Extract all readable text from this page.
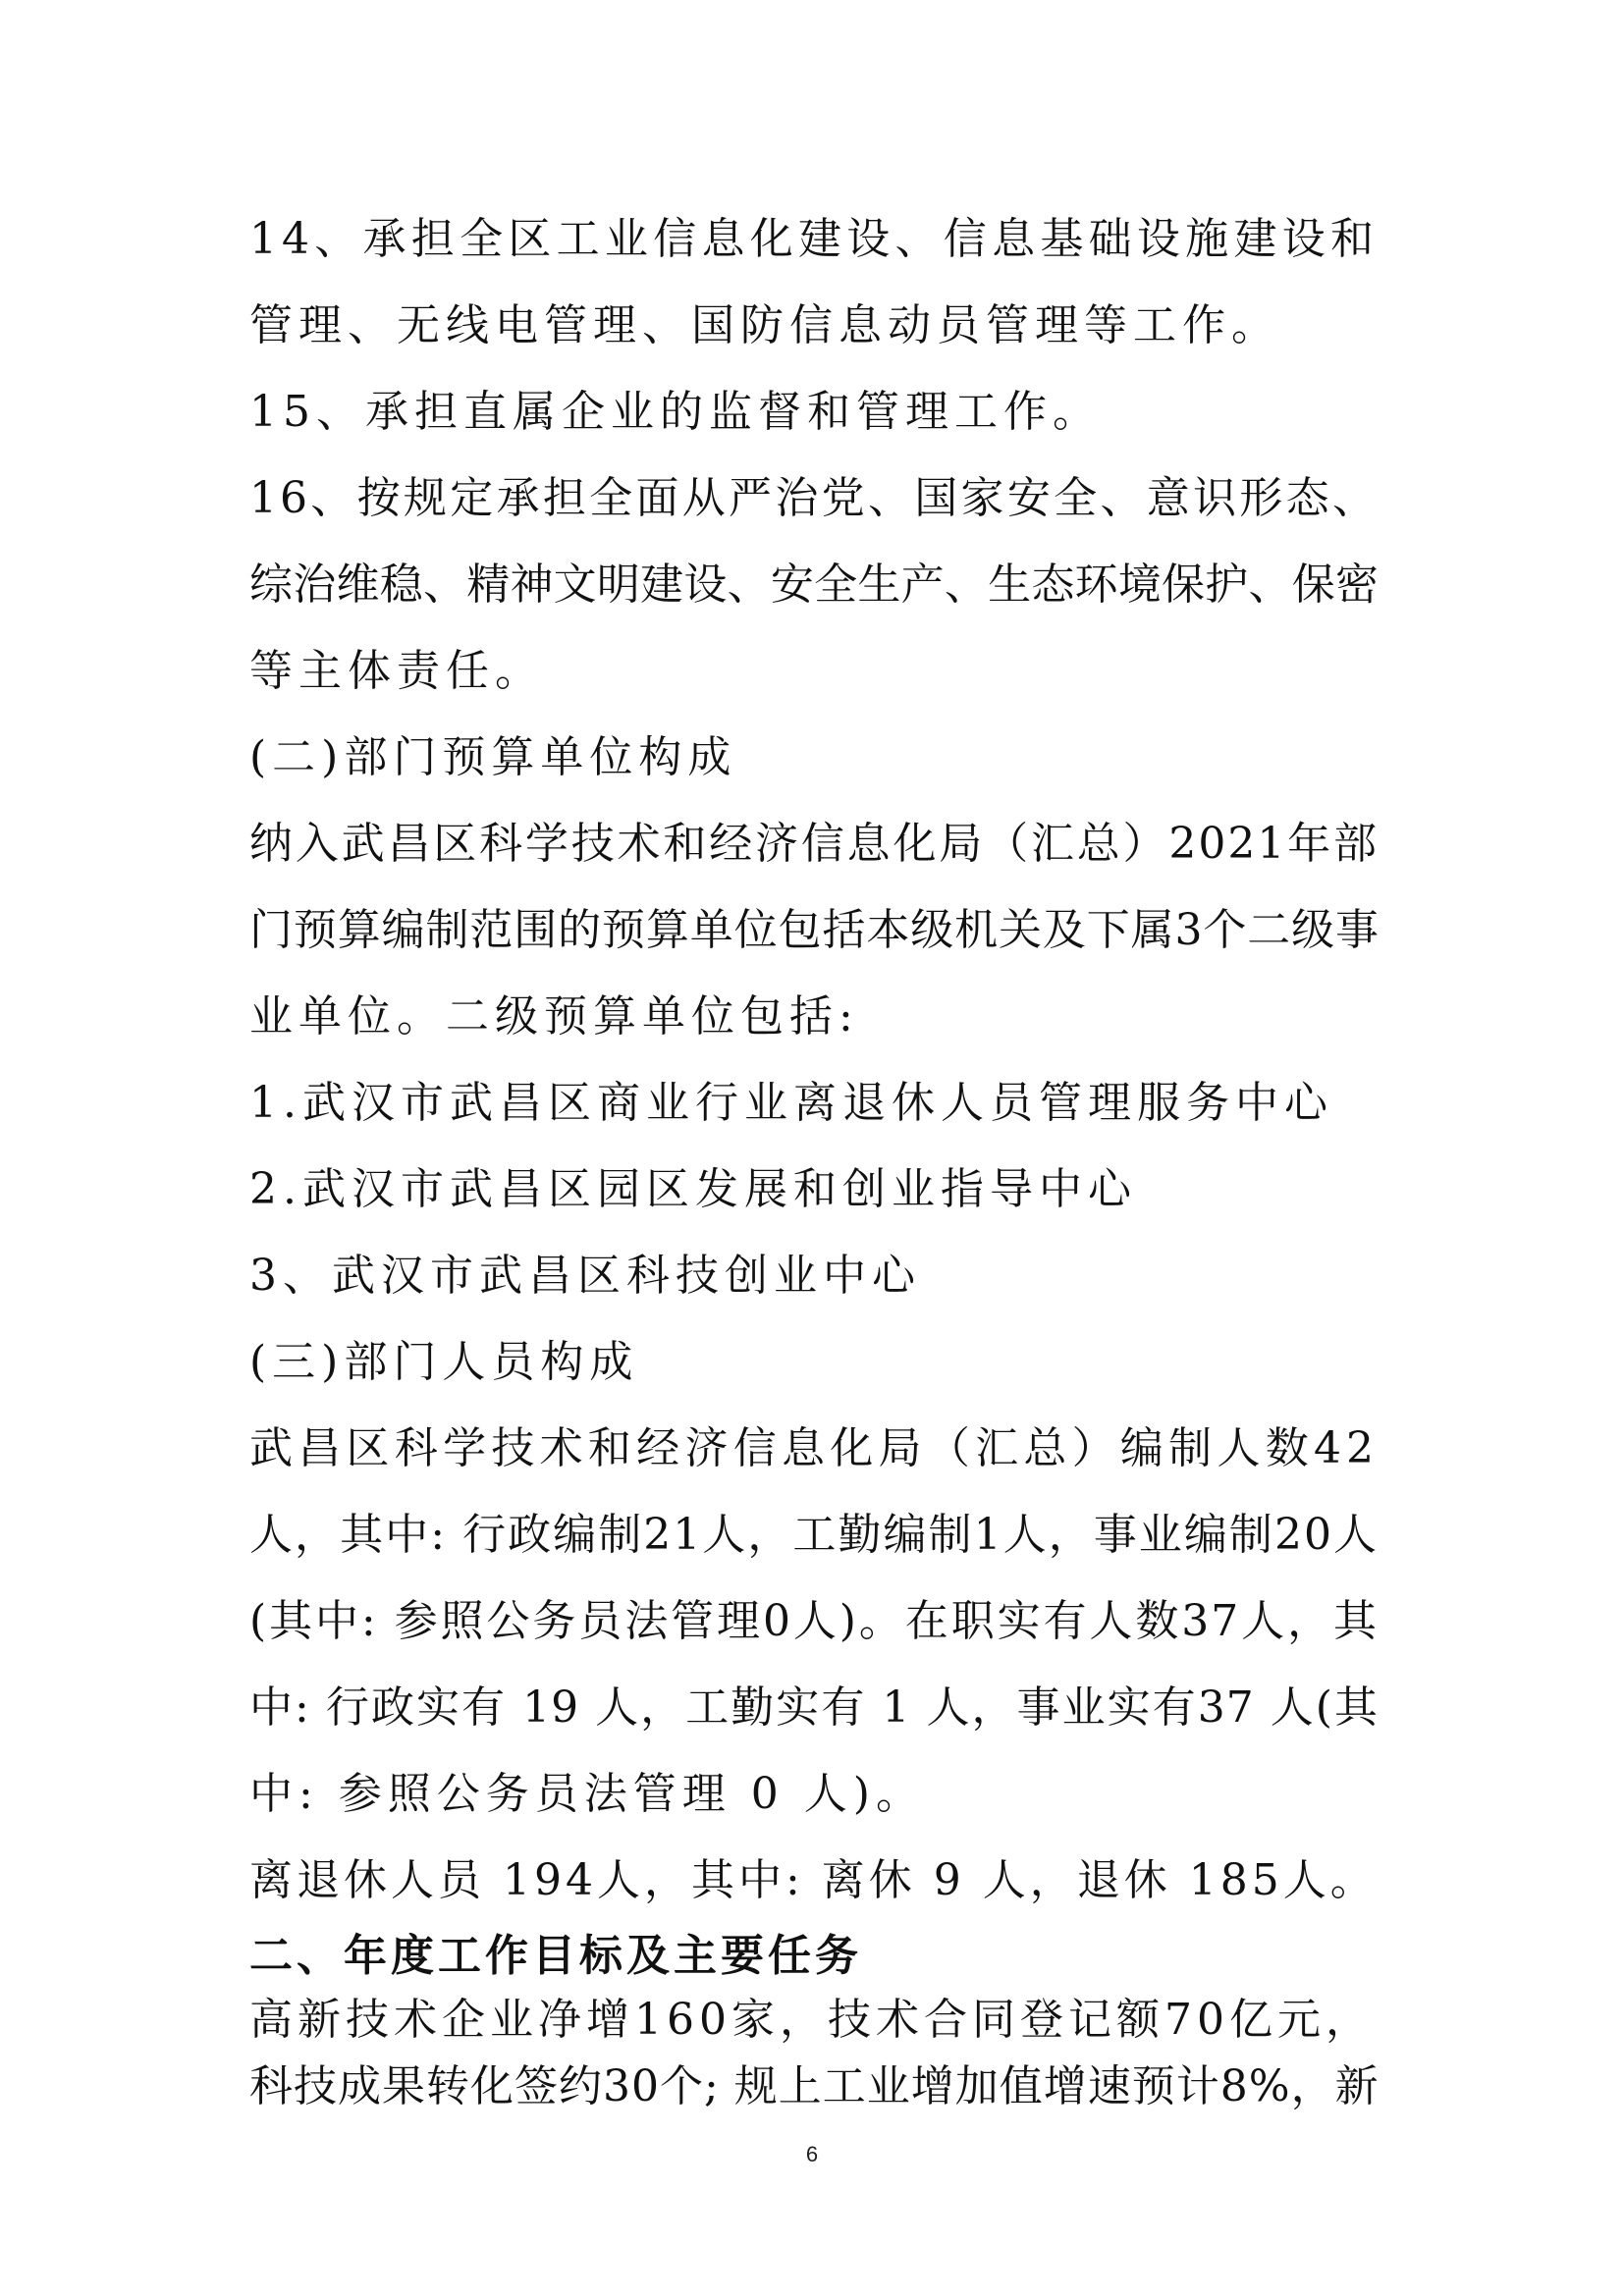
14、承担全区工业信息化建设、信息基础设施建设和
管理、无线电管理、国防信息动员管理等工作。
15、承担直属企业的监督和管理工作。
16、按规定承担全面从严治党、国家安全、意识形态、
综治维稳、精神文明建设、安全生产、生态环境保护、保密
等主体责任。
(二)部门预算单位构成
纳入武昌区科学技术和经济信息化局（汇总）2021年部
门预算编制范围的预算单位包括本级机关及下属3个二级事
业单位。二级预算单位包括:
1.武汉市武昌区商业行业离退休人员管理服务中心
2.武汉市武昌区园区发展和创业指导中心
3、武汉市武昌区科技创业中心
(三)部门人员构成
武昌区科学技术和经济信息化局（汇总）编制人数42
人，其中: 行政编制21人，工勤编制1人，事业编制20人
(其中: 参照公务员法管理0人)。在职实有人数37人，其
中: 行政实有 19 人，工勤实有 1 人，事业实有37 人(其
中: 参照公务员法管理 0 人)。
离退休人员 194人，其中: 离休 9 人，退休 185人。
二、年度工作目标及主要任务
高新技术企业净增160家，技术合同登记额70亿元，
科技成果转化签约30个; 规上工业增加值增速预计8%，新
6
